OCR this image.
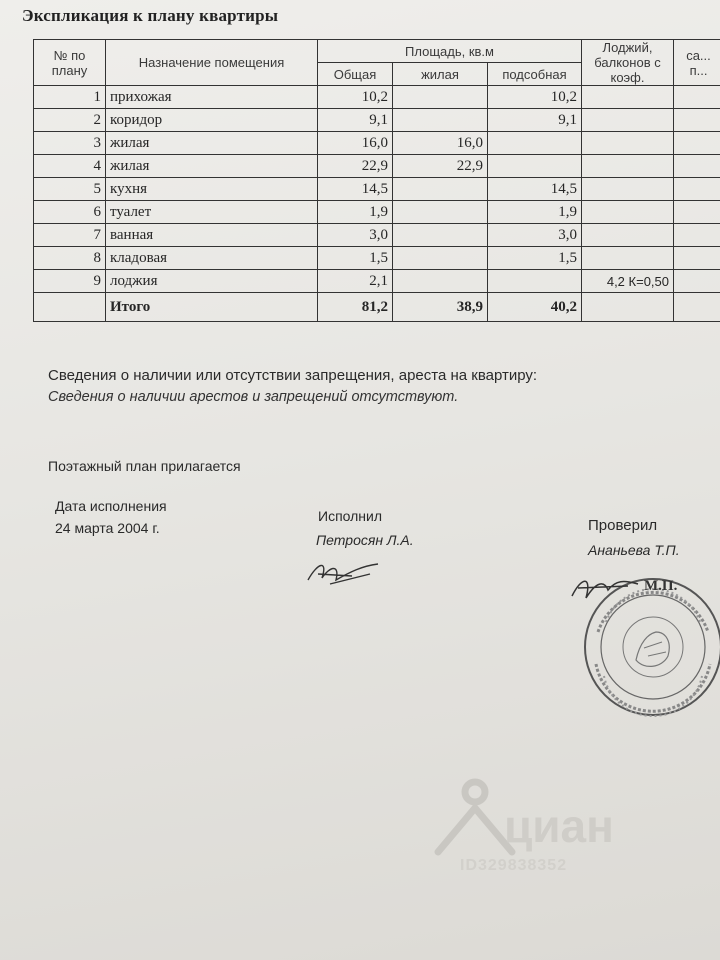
Экспликация к плану квартиры
№ по плану	Назначение помещения	Площадь, кв.м			Лоджий, балконов с коэф.	са... п...
		Общая	жилая	подсобная		
1	прихожая	10,2		10,2		
2	коридор	9,1		9,1		
3	жилая	16,0	16,0			
4	жилая	22,9	22,9			
5	кухня	14,5		14,5		
6	туалет	1,9		1,9		
7	ванная	3,0		3,0		
8	кладовая	1,5		1,5		
9	лоджия	2,1			4,2 К=0,50	
	Итого	81,2	38,9	40,2		
Сведения о наличии или отсутствии запрещения, ареста на квартиру:
Сведения о наличии арестов и запрещений отсутствуют.
Поэтажный план прилагается
Дата исполнения
24 марта 2004 г.
Исполнил
Петросян Л.А.
Проверил
Ананьева Т.П.
М.П.
циан
ID329838352
